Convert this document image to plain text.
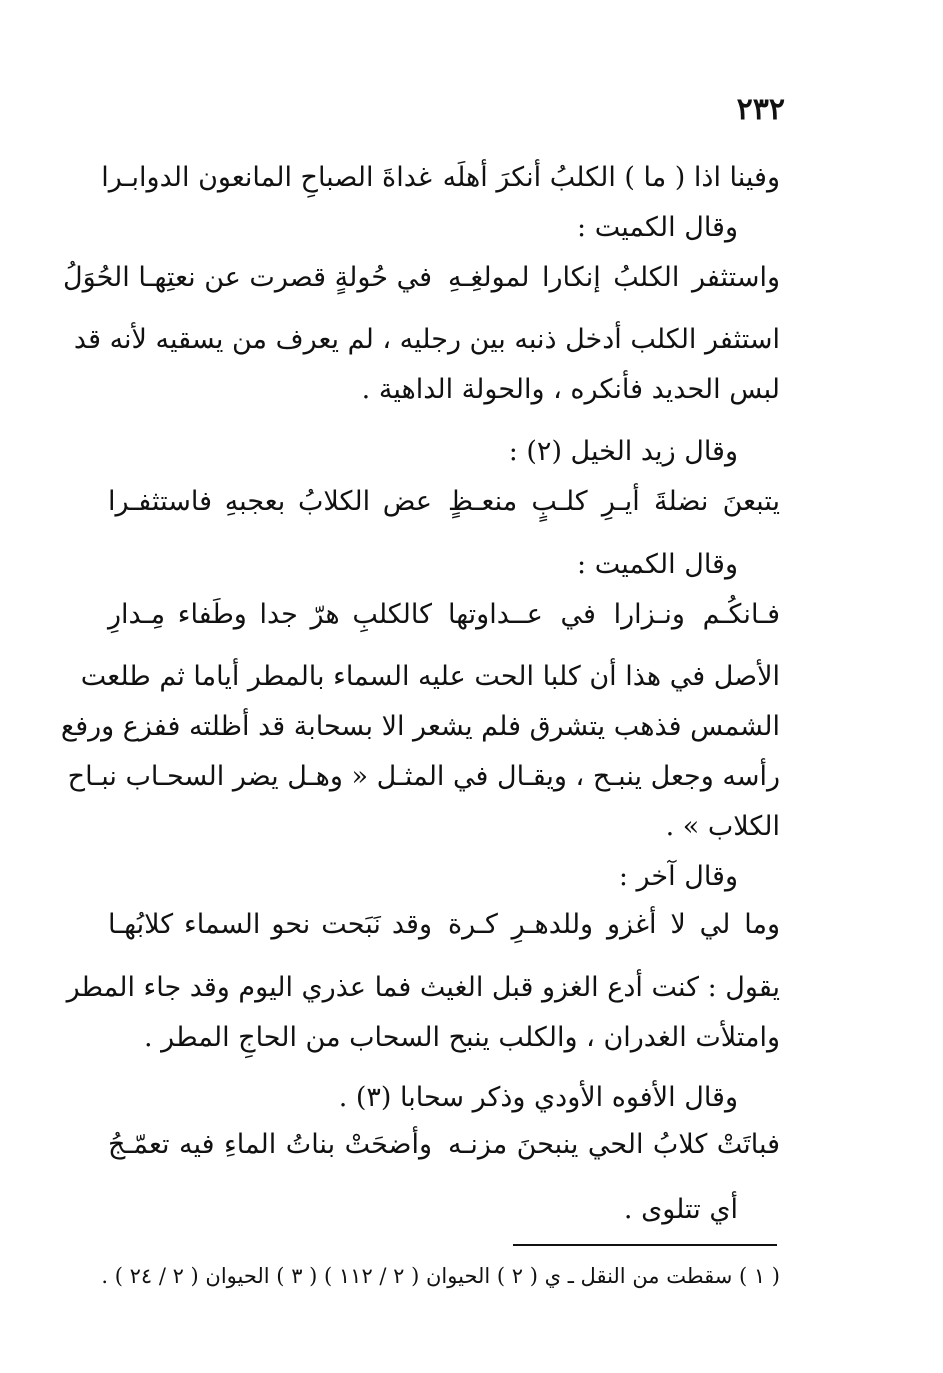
٢٣٢
وفينا اذا ( ما ) الكلبُ أنكرَ أهلَه
غداةَ الصباحِ المانعون الدوابـرا
وقال الكميت :
واستثفر الكلبُ إنكارا لمولغِـهِ
في حُولةٍ قصرت عن نعتِهـا الحُوَلُ
استثفر الكلب أدخل ذنبه بين رجليه ، لم يعرف من يسقيه لأنه قد
لبس الحديد فأنكره ، والحولة الداهية .
وقال زيد الخيل (٢) :
يتبعنَ نضلةَ أيـرِ كلـبٍ منعـظٍ
عض الكلابُ بعجبهِ فاستثفـرا
وقال الكميت :
فـانكُـم ونـزارا في عــداوتها
كالكلبِ هرّ جدا وطَفاء مِـدارِ
الأصل في هذا أن كلبا الحت عليه السماء بالمطر أياما ثم طلعت
الشمس فذهب يتشرق فلم يشعر الا بسحابة قد أظلته ففزع ورفع
رأسه وجعل ينبـح ، ويقـال في المثـل « وهـل يضر السحـاب نبـاح
الكلاب » .
وقال آخر :
وما لي لا أغزو وللدهـرِ كـرة
وقد نَبَحت نحو السماء كلابُهـا
يقول : كنت أدع الغزو قبل الغيث فما عذري اليوم وقد جاء المطر
وامتلأت الغدران ، والكلب ينبح السحاب من الحاجِ المطر .
وقال الأفوه الأودي وذكر سحابا (٣) .
فباتَتْ كلابُ الحي ينبحنَ مزنـه
وأضحَتْ بناتُ الماءِ فيه تعمّـجُ
أي تتلوى .
( ١ ) سقطت من النقل ـ ي ( ٢ ) الحيوان ( ٢ / ١١٢ ) ( ٣ ) الحيوان ( ٢ / ٢٤ ) .
